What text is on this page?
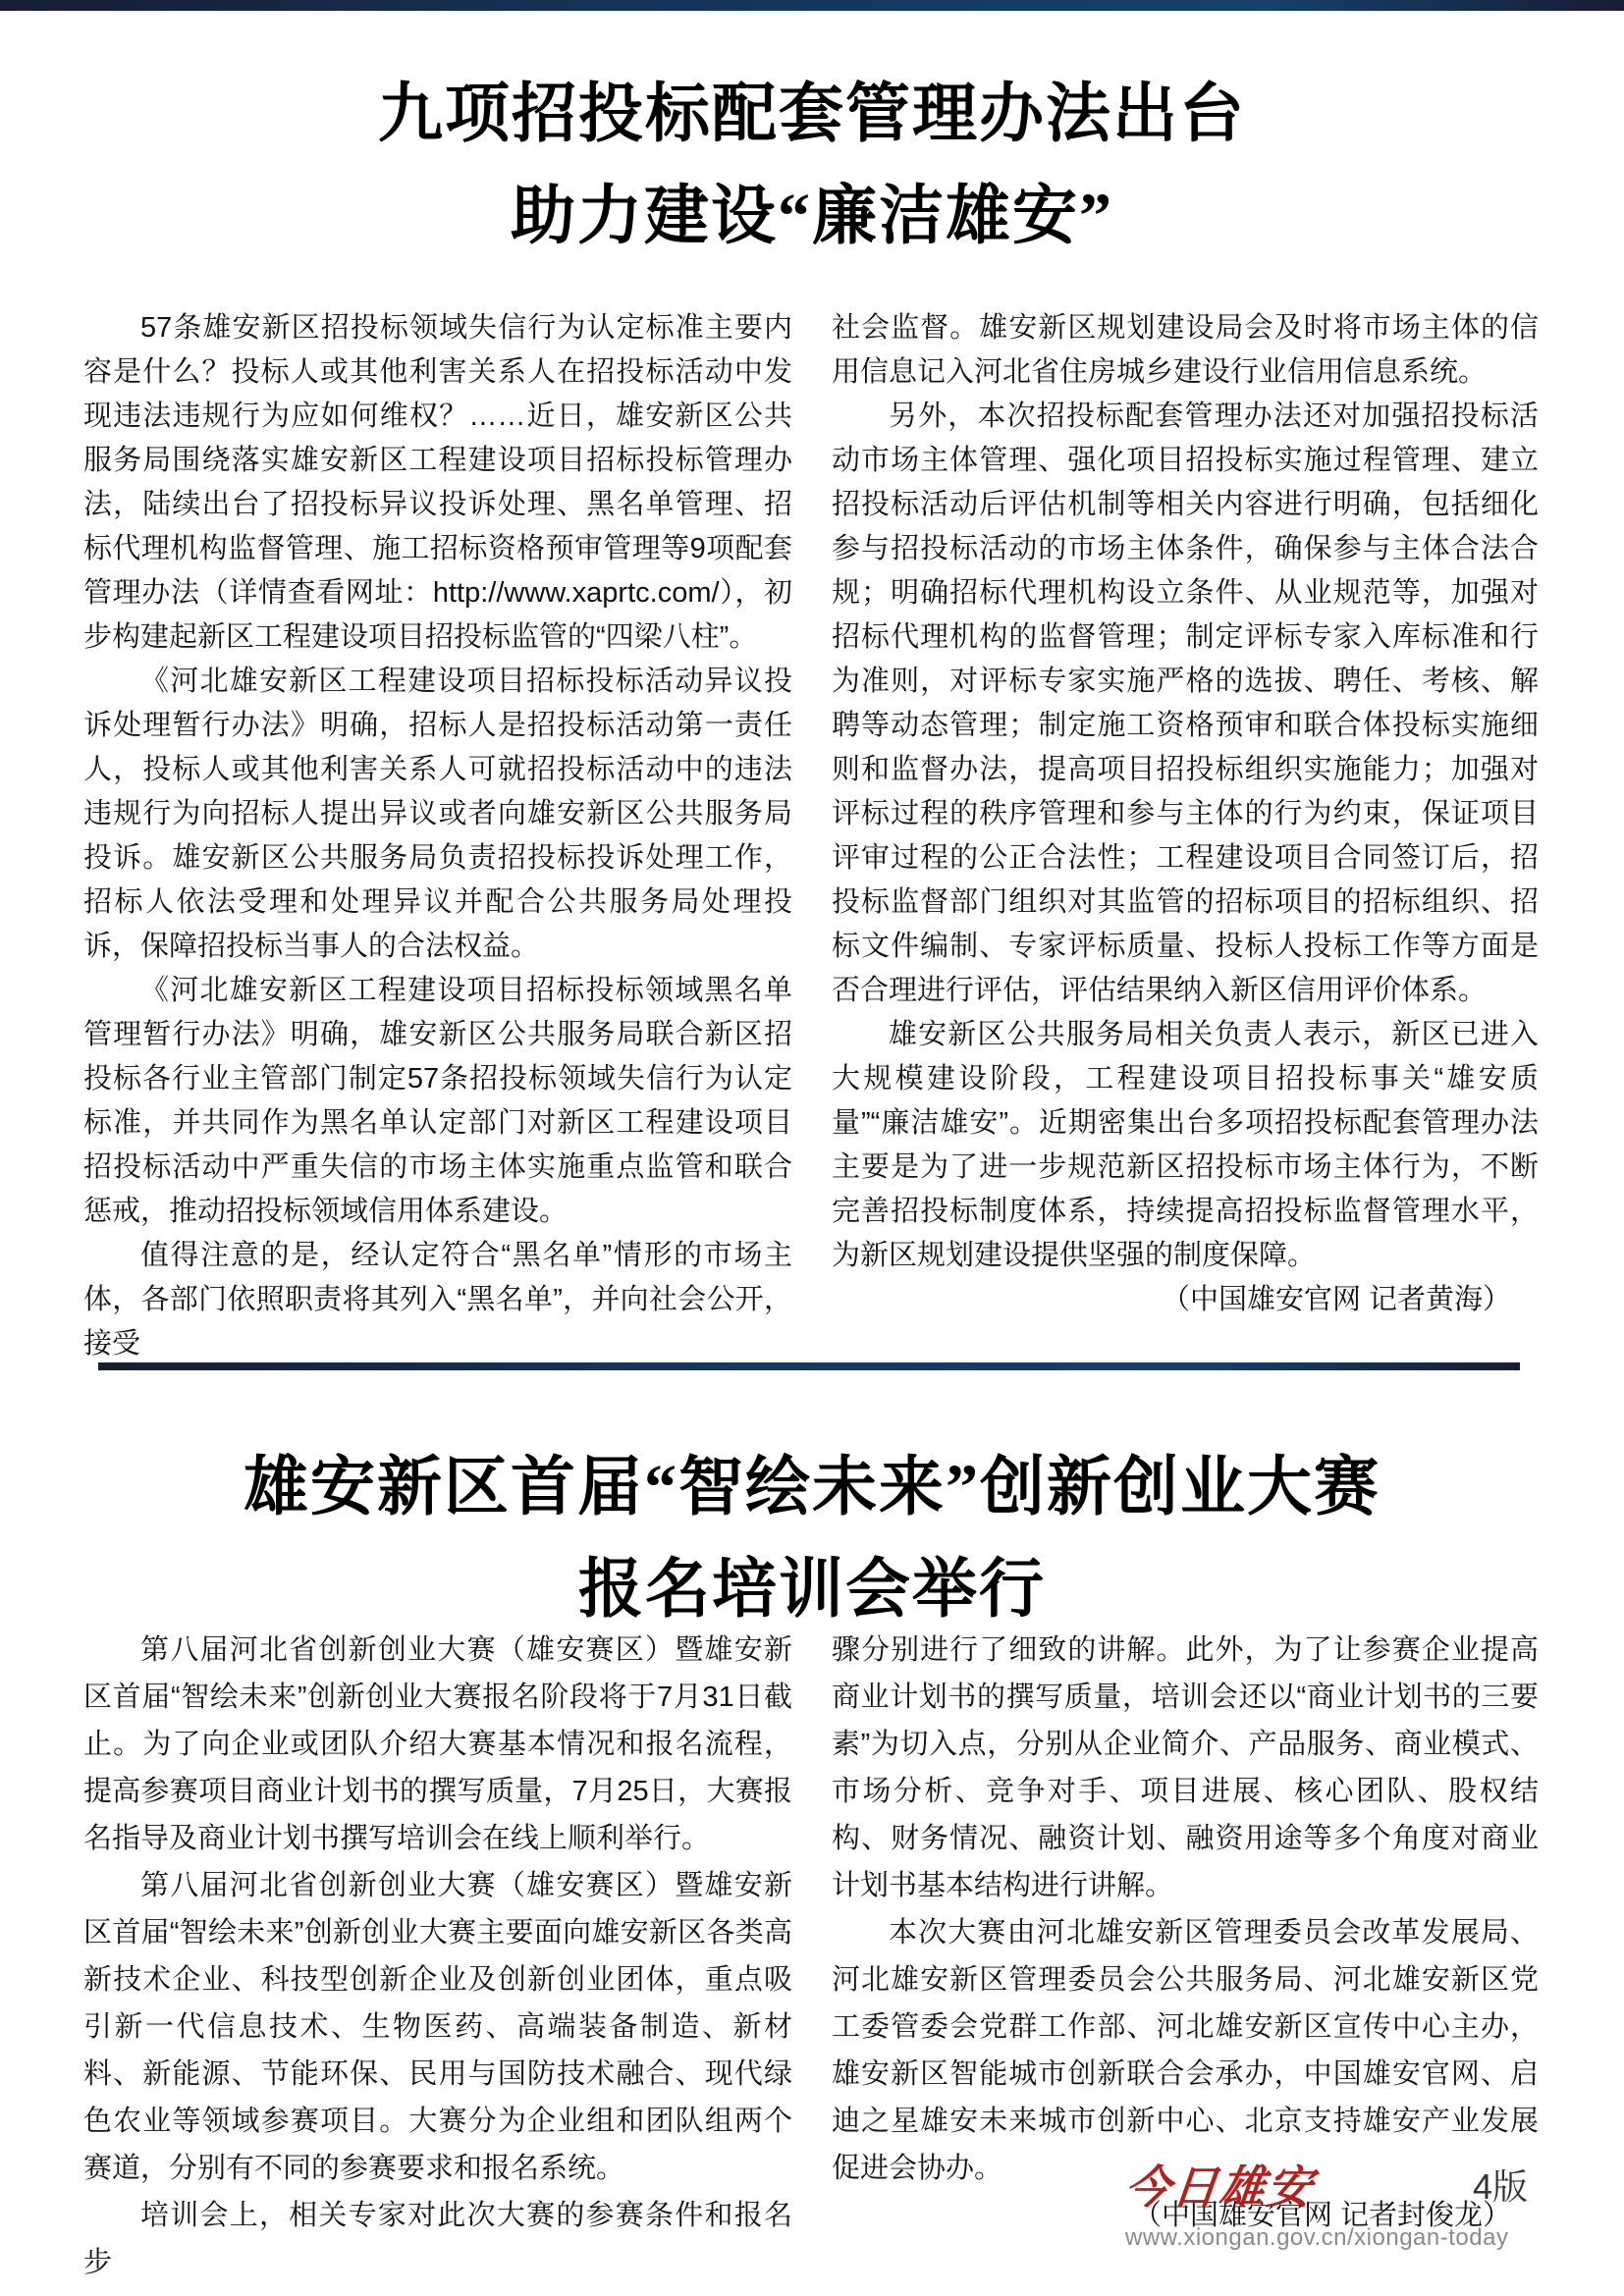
九项招投标配套管理办法出台
助力建设“廉洁雄安”

57条雄安新区招投标领域失信行为认定标准主要内容是什么？投标人或其他利害关系人在招投标活动中发现违法违规行为应如何维权？……近日，雄安新区公共服务局围绕落实雄安新区工程建设项目招标投标管理办法，陆续出台了招投标异议投诉处理、黑名单管理、招标代理机构监督管理、施工招标资格预审管理等9项配套管理办法（详情查看网址：http://www.xaprtc.com/），初步构建起新区工程建设项目招投标监管的“四梁八柱”。

《河北雄安新区工程建设项目招标投标活动异议投诉处理暂行办法》明确，招标人是招投标活动第一责任人，投标人或其他利害关系人可就招投标活动中的违法违规行为向招标人提出异议或者向雄安新区公共服务局投诉。雄安新区公共服务局负责招投标投诉处理工作，招标人依法受理和处理异议并配合公共服务局处理投诉，保障招投标当事人的合法权益。

《河北雄安新区工程建设项目招标投标领域黑名单管理暂行办法》明确，雄安新区公共服务局联合新区招投标各行业主管部门制定57条招投标领域失信行为认定标准，并共同作为黑名单认定部门对新区工程建设项目招投标活动中严重失信的市场主体实施重点监管和联合惩戒，推动招投标领域信用体系建设。

值得注意的是，经认定符合“黑名单”情形的市场主体，各部门依照职责将其列入“黑名单”，并向社会公开，接受

社会监督。雄安新区规划建设局会及时将市场主体的信用信息记入河北省住房城乡建设行业信用信息系统。

另外，本次招投标配套管理办法还对加强招投标活动市场主体管理、强化项目招投标实施过程管理、建立招投标活动后评估机制等相关内容进行明确，包括细化参与招投标活动的市场主体条件，确保参与主体合法合规；明确招标代理机构设立条件、从业规范等，加强对招标代理机构的监督管理；制定评标专家入库标准和行为准则，对评标专家实施严格的选拔、聘任、考核、解聘等动态管理；制定施工资格预审和联合体投标实施细则和监督办法，提高项目招投标组织实施能力；加强对评标过程的秩序管理和参与主体的行为约束，保证项目评审过程的公正合法性；工程建设项目合同签订后，招投标监督部门组织对其监管的招标项目的招标组织、招标文件编制、专家评标质量、投标人投标工作等方面是否合理进行评估，评估结果纳入新区信用评价体系。

雄安新区公共服务局相关负责人表示，新区已进入大规模建设阶段，工程建设项目招投标事关“雄安质量”“廉洁雄安”。近期密集出台多项招投标配套管理办法主要是为了进一步规范新区招投标市场主体行为，不断完善招投标制度体系，持续提高招投标监督管理水平，为新区规划建设提供坚强的制度保障。

（中国雄安官网 记者黄海）
雄安新区首届“智绘未来”创新创业大赛
报名培训会举行

第八届河北省创新创业大赛（雄安赛区）暨雄安新区首届“智绘未来”创新创业大赛报名阶段将于7月31日截止。为了向企业或团队介绍大赛基本情况和报名流程，提高参赛项目商业计划书的撰写质量，7月25日，大赛报名指导及商业计划书撰写培训会在线上顺利举行。

第八届河北省创新创业大赛（雄安赛区）暨雄安新区首届“智绘未来”创新创业大赛主要面向雄安新区各类高新技术企业、科技型创新企业及创新创业团体，重点吸引新一代信息技术、生物医药、高端装备制造、新材料、新能源、节能环保、民用与国防技术融合、现代绿色农业等领域参赛项目。大赛分为企业组和团队组两个赛道，分别有不同的参赛要求和报名系统。

培训会上，相关专家对此次大赛的参赛条件和报名步

骤分别进行了细致的讲解。此外，为了让参赛企业提高商业计划书的撰写质量，培训会还以“商业计划书的三要素”为切入点，分别从企业简介、产品服务、商业模式、市场分析、竞争对手、项目进展、核心团队、股权结构、财务情况、融资计划、融资用途等多个角度对商业计划书基本结构进行讲解。

本次大赛由河北雄安新区管理委员会改革发展局、河北雄安新区管理委员会公共服务局、河北雄安新区党工委管委会党群工作部、河北雄安新区宣传中心主办，雄安新区智能城市创新联合会承办，中国雄安官网、启迪之星雄安未来城市创新中心、北京支持雄安产业发展促进会协办。

（中国雄安官网 记者封俊龙）
今日雄安	4版
www.xiongan.gov.cn/xiongan-today
